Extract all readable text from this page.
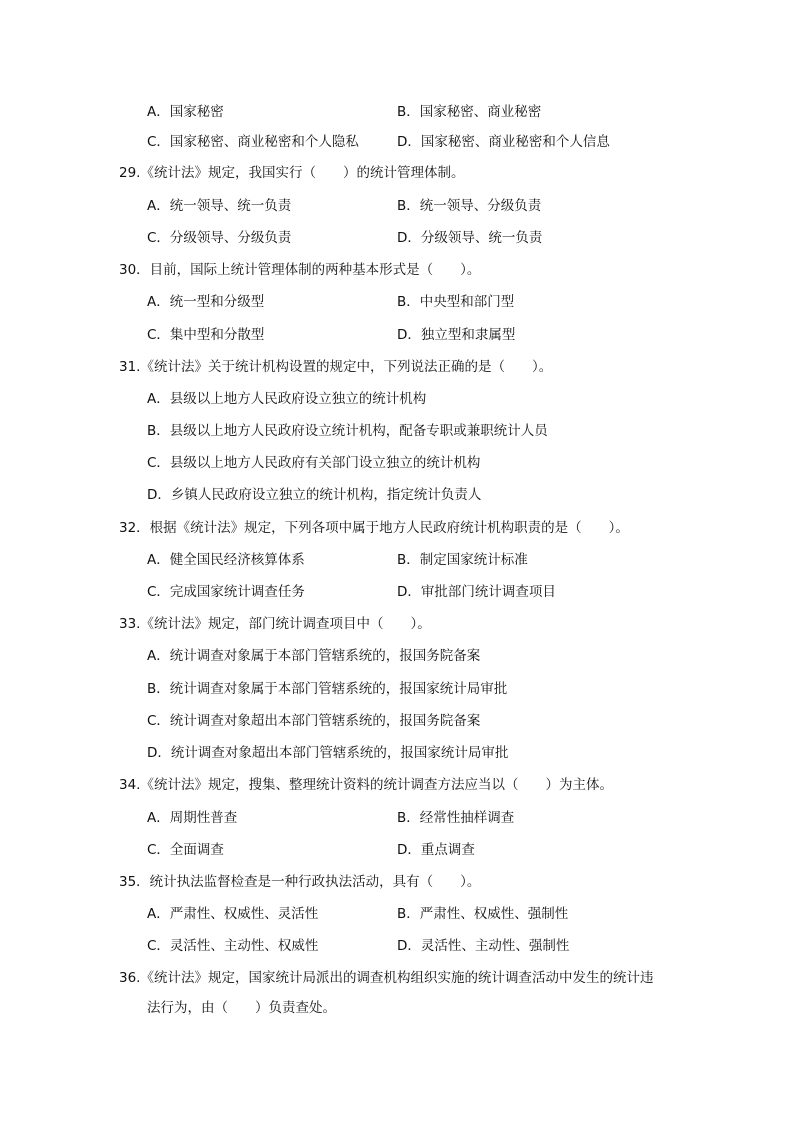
A．国家秘密	B．国家秘密、商业秘密
C．国家秘密、商业秘密和个人隐私	D．国家秘密、商业秘密和个人信息
29.《统计法》规定，我国实行（　　）的统计管理体制。
A．统一领导、统一负责	B．统一领导、分级负责
C．分级领导、分级负责	D．分级领导、统一负责
30．目前，国际上统计管理体制的两种基本形式是（　　）。
A．统一型和分级型	B．中央型和部门型
C．集中型和分散型	D．独立型和隶属型
31.《统计法》关于统计机构设置的规定中，下列说法正确的是（　　）。
A．县级以上地方人民政府设立独立的统计机构
B．县级以上地方人民政府设立统计机构，配备专职或兼职统计人员
C．县级以上地方人民政府有关部门设立独立的统计机构
D．乡镇人民政府设立独立的统计机构，指定统计负责人
32．根据《统计法》规定，下列各项中属于地方人民政府统计机构职责的是（　　）。
A．健全国民经济核算体系	B．制定国家统计标准
C．完成国家统计调查任务	D．审批部门统计调查项目
33.《统计法》规定，部门统计调查项目中（　　）。
A．统计调查对象属于本部门管辖系统的，报国务院备案
B．统计调查对象属于本部门管辖系统的，报国家统计局审批
C．统计调查对象超出本部门管辖系统的，报国务院备案
D．统计调查对象超出本部门管辖系统的，报国家统计局审批
34.《统计法》规定，搜集、整理统计资料的统计调查方法应当以（　　）为主体。
A．周期性普查	B．经常性抽样调查
C．全面调查	D．重点调查
35．统计执法监督检查是一种行政执法活动，具有（　　）。
A．严肃性、权威性、灵活性	B．严肃性、权威性、强制性
C．灵活性、主动性、权威性	D．灵活性、主动性、强制性
36.《统计法》规定，国家统计局派出的调查机构组织实施的统计调查活动中发生的统计违
法行为，由（　　）负责查处。
